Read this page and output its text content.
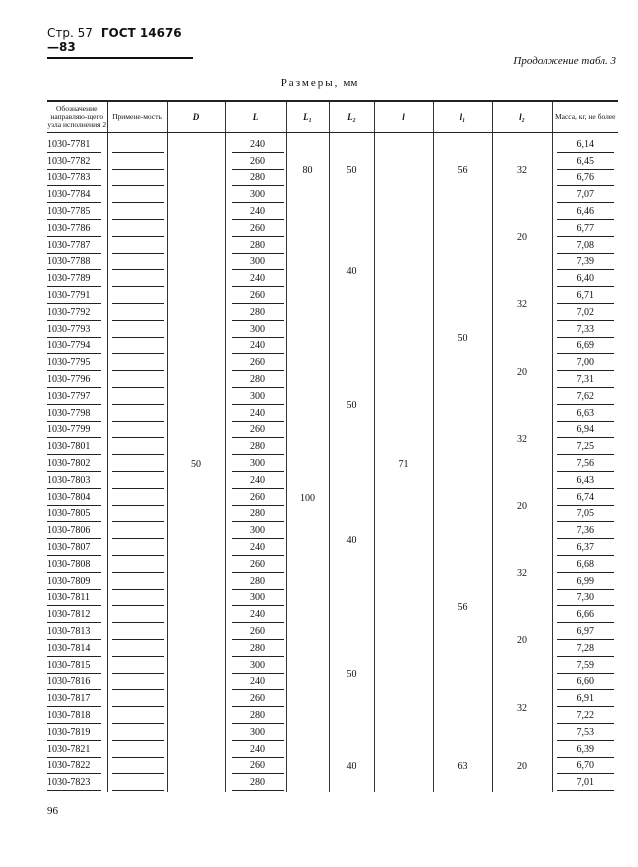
Стр. 57 ГОСТ 14676—83
Продолжение табл. 3
Размеры, мм
Обозначение направляю-щего узла исполнения 2	Примене-мость	D	L	L₁	L₂	l	l₁	l₂	Масса, кг, не более

1030-7781		50	240	80	50	71	56	32	6,14

1030-7782			260						6,45

1030-7783			280						6,76

1030-7784			300						7,07

1030-7785			240	100	40		50	20	6,46

1030-7786			260						6,77

1030-7787			280						7,08

1030-7788			300						7,39

1030-7789			240					32	6,40

1030-7791			260						6,71

1030-7792			280						7,02

1030-7793			300						7,33

1030-7794			240		50			20	6,69

1030-7795			260						7,00

1030-7796			280						7,31

1030-7797			300						7,62

1030-7798			240					32	6,63

1030-7799			260						6,94

1030-7801			280						7,25

1030-7802			300						7,56

1030-7803			240		40		56	20	6,43

1030-7804			260						6,74

1030-7805			280						7,05

1030-7806			300						7,36

1030-7807			240					32	6,37

1030-7808			260						6,68

1030-7809			280						6,99

1030-7811			300						7,30

1030-7812			240		50			20	6,66

1030-7813			260						6,97

1030-7814			280						7,28

1030-7815			300						7,59

1030-7816			240					32	6,60

1030-7817			260						6,91

1030-7818			280						7,22

1030-7819			300						7,53

1030-7821			240		40		63	20	6,39

1030-7822			260						6,70

1030-7823			280						7,01
96
